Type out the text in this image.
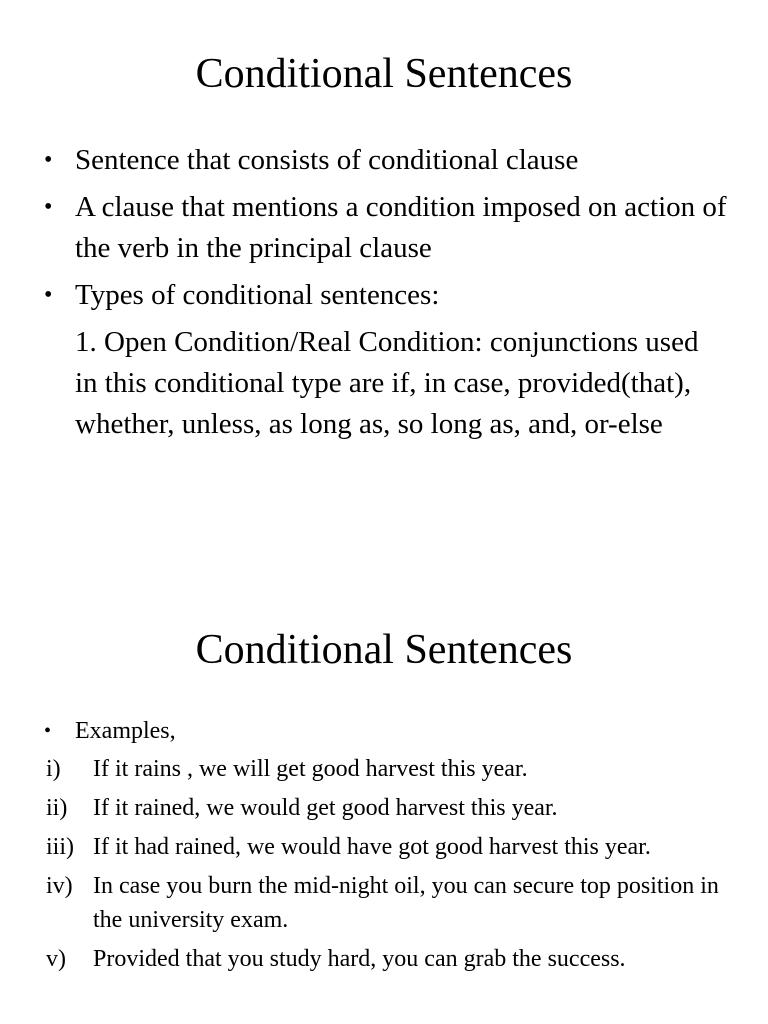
Conditional Sentences
• Sentence that consists of conditional clause
• A clause that mentions a condition imposed on action of the verb in the principal clause
• Types of conditional sentences:
1. Open Condition/Real Condition: conjunctions used in this conditional type are if, in case, provided(that), whether, unless, as long as, so long as, and, or-else
Conditional Sentences
• Examples,
i) If it rains , we will get good harvest this year.
ii) If it rained, we would get good harvest this year.
iii) If it had rained, we would have got good harvest this year.
iv) In case you burn the mid-night oil, you can secure top position in the university exam.
v) Provided that you study hard, you can grab the success.
